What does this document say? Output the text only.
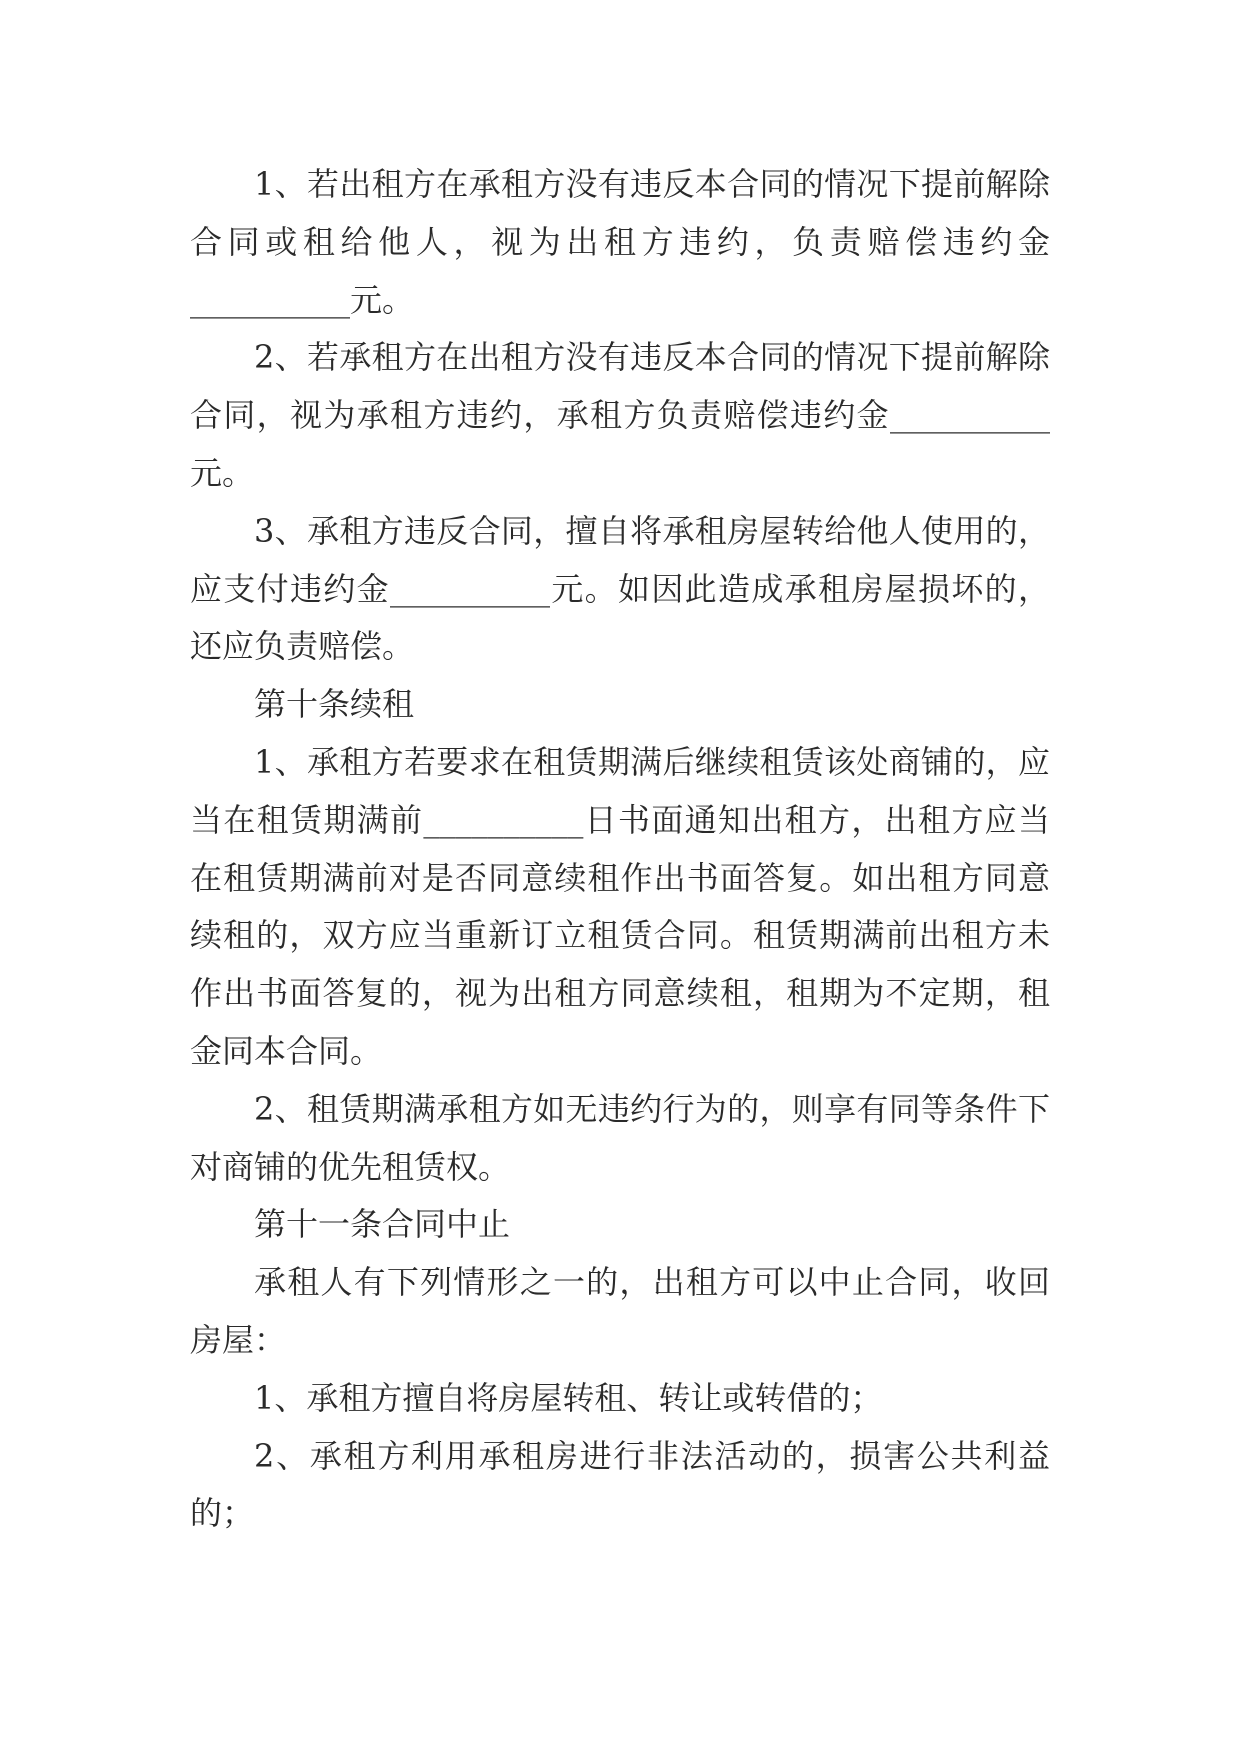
1、若出租方在承租方没有违反本合同的情况下提前解除合同或租给他人，视为出租方违约，负责赔偿违约金__________元。

2、若承租方在出租方没有违反本合同的情况下提前解除合同，视为承租方违约，承租方负责赔偿违约金__________元。

3、承租方违反合同，擅自将承租房屋转给他人使用的，应支付违约金__________元。如因此造成承租房屋损坏的，还应负责赔偿。

第十条续租

1、承租方若要求在租赁期满后继续租赁该处商铺的，应当在租赁期满前__________日书面通知出租方，出租方应当在租赁期满前对是否同意续租作出书面答复。如出租方同意续租的，双方应当重新订立租赁合同。租赁期满前出租方未作出书面答复的，视为出租方同意续租，租期为不定期，租金同本合同。

2、租赁期满承租方如无违约行为的，则享有同等条件下对商铺的优先租赁权。

第十一条合同中止

承租人有下列情形之一的，出租方可以中止合同，收回房屋：

1、承租方擅自将房屋转租、转让或转借的；

2、承租方利用承租房进行非法活动的，损害公共利益的；
